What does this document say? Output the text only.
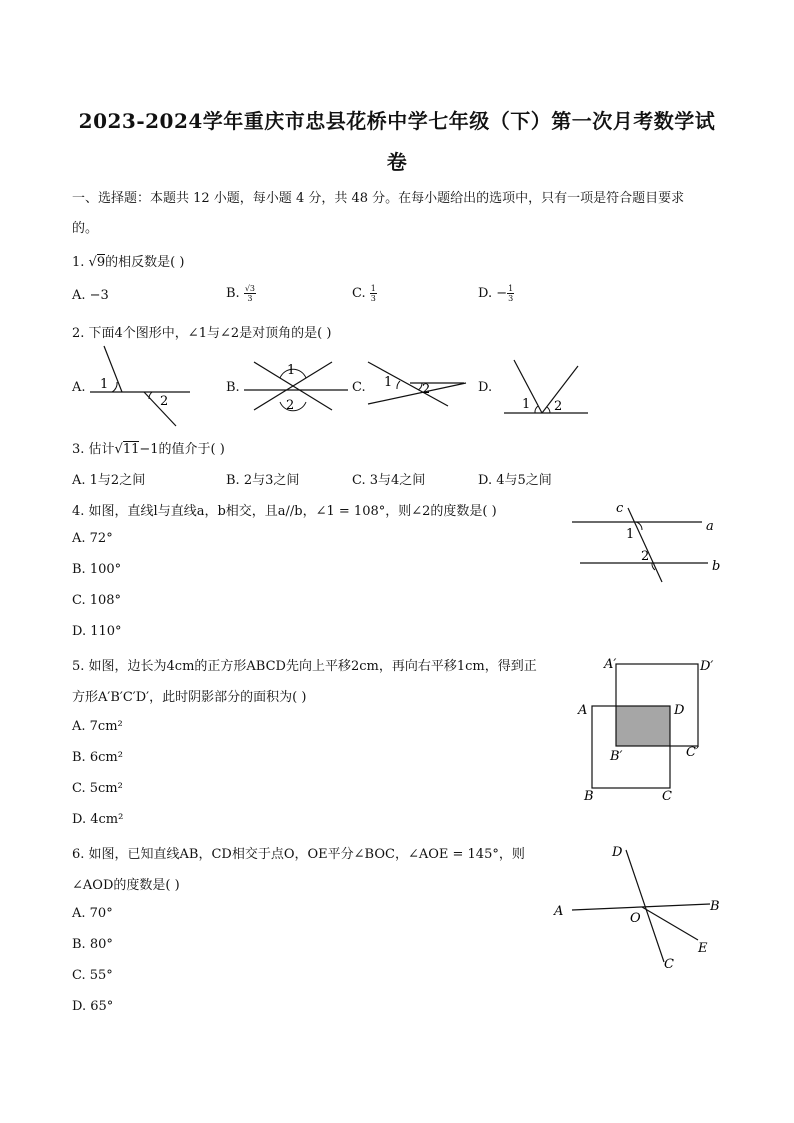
2023-2024学年重庆市忠县花桥中学七年级（下）第一次月考数学试
卷
一、选择题：本题共 12 小题，每小题 4 分，共 48 分。在每小题给出的选项中，只有一项是符合题目要求
的。
1. √9的相反数是( )
A. −3	B. $\frac{√3}{3}$	C. $\frac{1}{3}$	D. − $\frac{1}{3}$
2. 下面4个图形中，∠1与∠2是对顶角的是( )
A. 1
2
B.
1
2
C. 1 2	D.
1 2
3. 估计√11−1的值介于( )
A. 1与2之间	B. 2与3之间	C. 3与4之间	D. 4与5之间
4. 如图，直线l与直线a，b相交，且a//b，∠1 = 108°，则∠2的度数是( )
A. 72°
B. 100°
C. 108°
D. 110°
c
a
b
1
2
5. 如图，边长为4cm的正方形ABCD先向上平移2cm，再向右平移1cm，得到正
方形A′B′C′D′，此时阴影部分的面积为( )
A. 7cm²
B. 6cm²
C. 5cm²
D. 4cm²
A′	D′
A	D
B′	C′
B	C
6. 如图，已知直线AB，CD相交于点O，OE平分∠BOC，∠AOE = 145°，则
∠AOD的度数是( )
A. 70°
B. 80°
C. 55°
D. 65°
D
A	O
B
E
C
